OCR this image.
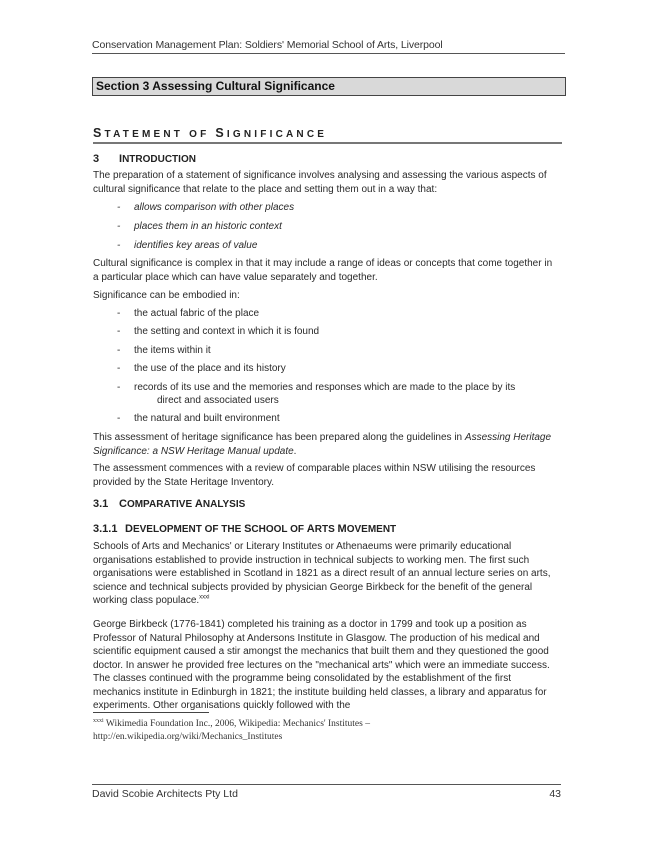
Conservation Management Plan: Soldiers' Memorial School of Arts, Liverpool
Section 3 Assessing Cultural Significance
STATEMENT OF SIGNIFICANCE
3 INTRODUCTION
The preparation of a statement of significance involves analysing and assessing the various aspects of cultural significance that relate to the place and setting them out in a way that:
- allows comparison with other places
- places them in an historic context
- identifies key areas of value
Cultural significance is complex in that it may include a range of ideas or concepts that come together in a particular place which can have value separately and together.
Significance can be embodied in:
- the actual fabric of the place
- the setting and context in which it is found
- the items within it
- the use of the place and its history
- records of its use and the memories and responses which are made to the place by its
direct and associated users
- the natural and built environment
This assessment of heritage significance has been prepared along the guidelines in Assessing Heritage Significance: a NSW Heritage Manual update.
The assessment commences with a review of comparable places within NSW utilising the resources provided by the State Heritage Inventory.
3.1 COMPARATIVE ANALYSIS
3.1.1 DEVELOPMENT OF THE SCHOOL OF ARTS MOVEMENT
Schools of Arts and Mechanics' or Literary Institutes or Athenaeums were primarily educational organisations established to provide instruction in technical subjects to working men. The first such organisations were established in Scotland in 1821 as a direct result of an annual lecture series on arts, science and technical subjects provided by physician George Birkbeck for the benefit of the general working class populace.$^{xxxi}$
George Birkbeck (1776-1841) completed his training as a doctor in 1799 and took up a position as Professor of Natural Philosophy at Andersons Institute in Glasgow. The production of his medical and scientific equipment caused a stir amongst the mechanics that built them and they questioned the good doctor. In answer he provided free lectures on the "mechanical arts" which were an immediate success. The classes continued with the programme being consolidated by the establishment of the first mechanics institute in Edinburgh in 1821; the institute building held classes, a library and apparatus for experiments. Other organisations quickly followed with the
$^{xxxi}$ Wikimedia Foundation Inc., 2006, Wikipedia: Mechanics' Institutes –
http://en.wikipedia.org/wiki/Mechanics_Institutes
David Scobie Architects Pty Ltd	43
